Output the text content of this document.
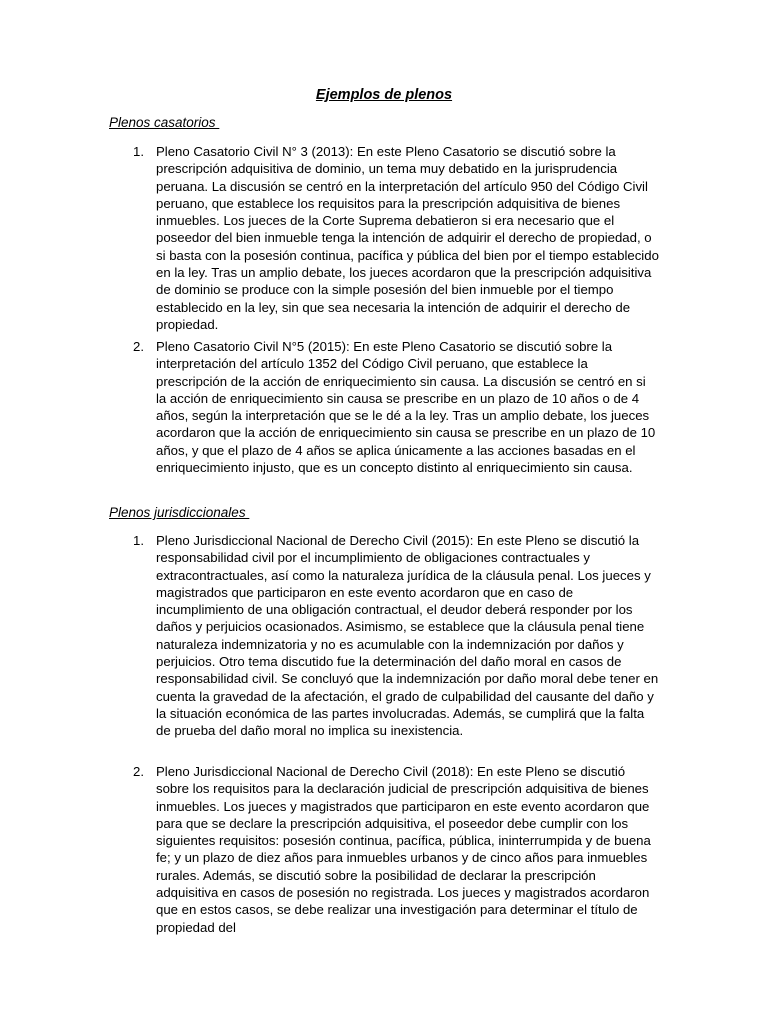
Ejemplos de plenos
Plenos casatorios
1. Pleno Casatorio Civil N° 3 (2013): En este Pleno Casatorio se discutió sobre la prescripción adquisitiva de dominio, un tema muy debatido en la jurisprudencia peruana. La discusión se centró en la interpretación del artículo 950 del Código Civil peruano, que establece los requisitos para la prescripción adquisitiva de bienes inmuebles. Los jueces de la Corte Suprema debatieron si era necesario que el poseedor del bien inmueble tenga la intención de adquirir el derecho de propiedad, o si basta con la posesión continua, pacífica y pública del bien por el tiempo establecido en la ley. Tras un amplio debate, los jueces acordaron que la prescripción adquisitiva de dominio se produce con la simple posesión del bien inmueble por el tiempo establecido en la ley, sin que sea necesaria la intención de adquirir el derecho de propiedad.
2. Pleno Casatorio Civil N°5 (2015): En este Pleno Casatorio se discutió sobre la interpretación del artículo 1352 del Código Civil peruano, que establece la prescripción de la acción de enriquecimiento sin causa. La discusión se centró en si la acción de enriquecimiento sin causa se prescribe en un plazo de 10 años o de 4 años, según la interpretación que se le dé a la ley. Tras un amplio debate, los jueces acordaron que la acción de enriquecimiento sin causa se prescribe en un plazo de 10 años, y que el plazo de 4 años se aplica únicamente a las acciones basadas en el enriquecimiento injusto, que es un concepto distinto al enriquecimiento sin causa.
Plenos jurisdiccionales
1. Pleno Jurisdiccional Nacional de Derecho Civil (2015): En este Pleno se discutió la responsabilidad civil por el incumplimiento de obligaciones contractuales y extracontractuales, así como la naturaleza jurídica de la cláusula penal. Los jueces y magistrados que participaron en este evento acordaron que en caso de incumplimiento de una obligación contractual, el deudor deberá responder por los daños y perjuicios ocasionados. Asimismo, se establece que la cláusula penal tiene naturaleza indemnizatoria y no es acumulable con la indemnización por daños y perjuicios. Otro tema discutido fue la determinación del daño moral en casos de responsabilidad civil. Se concluyó que la indemnización por daño moral debe tener en cuenta la gravedad de la afectación, el grado de culpabilidad del causante del daño y la situación económica de las partes involucradas. Además, se cumplirá que la falta de prueba del daño moral no implica su inexistencia.
2. Pleno Jurisdiccional Nacional de Derecho Civil (2018): En este Pleno se discutió sobre los requisitos para la declaración judicial de prescripción adquisitiva de bienes inmuebles. Los jueces y magistrados que participaron en este evento acordaron que para que se declare la prescripción adquisitiva, el poseedor debe cumplir con los siguientes requisitos: posesión continua, pacífica, pública, ininterrumpida y de buena fe; y un plazo de diez años para inmuebles urbanos y de cinco años para inmuebles rurales. Además, se discutió sobre la posibilidad de declarar la prescripción adquisitiva en casos de posesión no registrada. Los jueces y magistrados acordaron que en estos casos, se debe realizar una investigación para determinar el título de propiedad del
